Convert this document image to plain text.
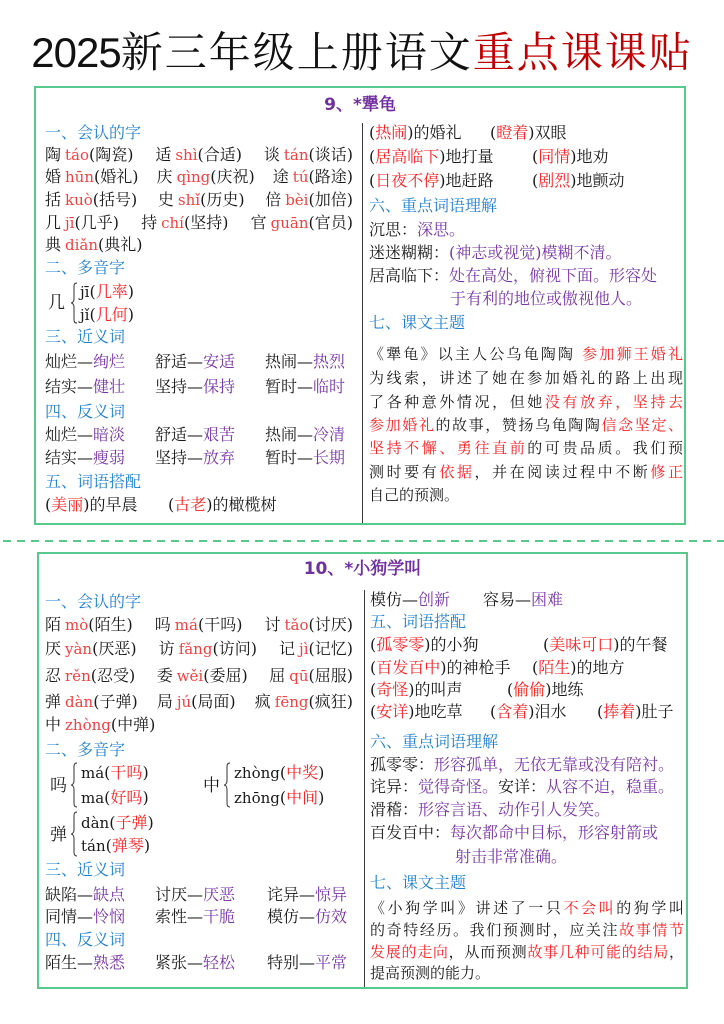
2025新三年级上册语文重点课课贴
9、*犟龟
一、会认的字
陶 táo(陶瓷) 适 shì(合适) 谈 tán(谈话)
婚 hūn(婚礼) 庆 qìng(庆祝) 途 tú(路途)
括 kuò(括号) 史 shǐ(历史) 倍 bèi(加倍)
几 jī(几乎) 持 chí(坚持) 官 guān(官员)
典 diǎn(典礼)
二、多音字
几
jī(几率)
jǐ(几何)
三、近义词
灿烂—绚烂 舒适—安适 热闹—热烈
结实—健壮 坚持—保持 暂时—临时
四、反义词
灿烂—暗淡 舒适—艰苦 热闹—冷清
结实—瘦弱 坚持—放弃 暂时—长期
五、词语搭配
(美丽)的早晨 (古老)的橄榄树
(热闹)的婚礼 (瞪着)双眼
(居高临下)地打量 (同情)地劝
(日夜不停)地赶路 (剧烈)地颤动
六、重点词语理解
沉思：深思。
迷迷糊糊：(神志或视觉)模糊不清。
居高临下：处在高处，俯视下面。形容处
于有利的地位或傲视他人。
七、课文主题
《犟龟》以主人公乌龟陶陶 参加狮王婚礼
为线索，讲述了她在参加婚礼的路上出现
了各种意外情况，但她没有放弃，坚持去
参加婚礼的故事，赞扬乌龟陶陶信念坚定、
坚持不懈、勇往直前的可贵品质。我们预
测时要有依据，并在阅读过程中不断修正
自己的预测。
10、*小狗学叫
一、会认的字
陌 mò(陌生) 吗 má(干吗) 讨 tǎo(讨厌)
厌 yàn(厌恶) 访 fǎng(访问) 记 jì(记忆)
忍 rěn(忍受) 委 wěi(委屈) 屈 qū(屈服)
弹 dàn(子弹) 局 jú(局面) 疯 fēng(疯狂)
中 zhòng(中弹)
二、多音字
吗
má(干吗)
ma(好吗)
中
zhòng(中奖)
zhōng(中间)
弹
dàn(子弹)
tán(弹琴)
三、近义词
缺陷—缺点 讨厌—厌恶 诧异—惊异
同情—怜悯 索性—干脆 模仿—仿效
四、反义词
陌生—熟悉 紧张—轻松 特别—平常
模仿—创新 容易—困难
五、词语搭配
(孤零零)的小狗	(美味可口)的午餐
(百发百中)的神枪手 (陌生)的地方
(奇怪)的叫声	(偷偷)地练
(安详)地吃草 (含着)泪水 (捧着)肚子
六、重点词语理解
孤零零：形容孤单，无依无靠或没有陪衬。
诧异：觉得奇怪。安详：从容不迫，稳重。
滑稽：形容言语、动作引人发笑。
百发百中：每次都命中目标，形容射箭或
射击非常准确。
七、课文主题
《小狗学叫》讲述了一只不会叫的狗学叫
的奇特经历。我们预测时，应关注故事情节
发展的走向，从而预测故事几种可能的结局，
提高预测的能力。
